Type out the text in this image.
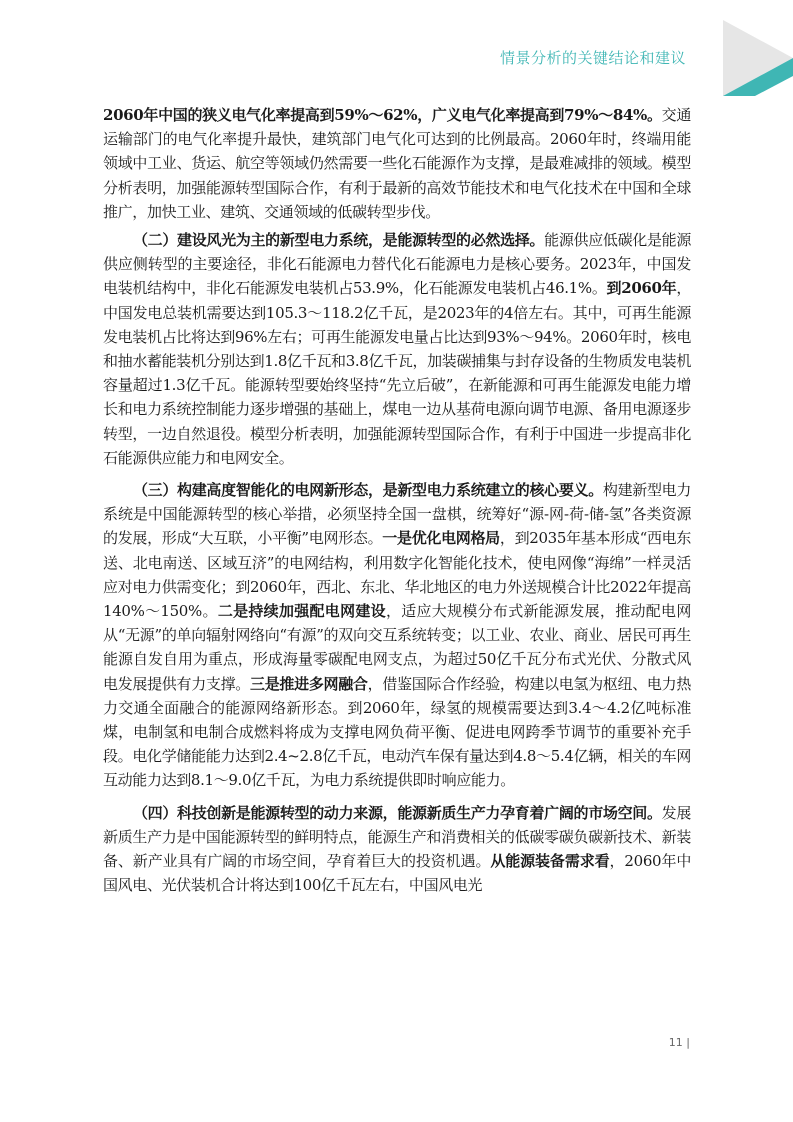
情景分析的关键结论和建议

2060年中国的狭义电气化率提高到59%～62%，广义电气化率提高到79%～84%。交通运输部门的电气化率提升最快，建筑部门电气化可达到的比例最高。2060年时，终端用能领域中工业、货运、航空等领域仍然需要一些化石能源作为支撑，是最难减排的领域。模型分析表明，加强能源转型国际合作，有利于最新的高效节能技术和电气化技术在中国和全球推广，加快工业、建筑、交通领域的低碳转型步伐。

（二）建设风光为主的新型电力系统，是能源转型的必然选择。能源供应低碳化是能源供应侧转型的主要途径，非化石能源电力替代化石能源电力是核心要务。2023年，中国发电装机结构中，非化石能源发电装机占53.9%，化石能源发电装机占46.1%。到2060年，中国发电总装机需要达到105.3～118.2亿千瓦，是2023年的4倍左右。其中，可再生能源发电装机占比将达到96%左右；可再生能源发电量占比达到93%～94%。2060年时，核电和抽水蓄能装机分别达到1.8亿千瓦和3.8亿千瓦，加装碳捕集与封存设备的生物质发电装机容量超过1.3亿千瓦。能源转型要始终坚持“先立后破”，在新能源和可再生能源发电能力增长和电力系统控制能力逐步增强的基础上，煤电一边从基荷电源向调节电源、备用电源逐步转型，一边自然退役。模型分析表明，加强能源转型国际合作，有利于中国进一步提高非化石能源供应能力和电网安全。

（三）构建高度智能化的电网新形态，是新型电力系统建立的核心要义。构建新型电力系统是中国能源转型的核心举措，必须坚持全国一盘棋，统筹好“源-网-荷-储-氢”各类资源的发展，形成“大互联，小平衡”电网形态。一是优化电网格局，到2035年基本形成“西电东送、北电南送、区域互济”的电网结构，利用数字化智能化技术，使电网像“海绵”一样灵活应对电力供需变化；到2060年，西北、东北、华北地区的电力外送规模合计比2022年提高140%～150%。二是持续加强配电网建设，适应大规模分布式新能源发展，推动配电网从“无源”的单向辐射网络向“有源”的双向交互系统转变；以工业、农业、商业、居民可再生能源自发自用为重点，形成海量零碳配电网支点，为超过50亿千瓦分布式光伏、分散式风电发展提供有力支撑。三是推进多网融合，借鉴国际合作经验，构建以电氢为枢纽、电力热力交通全面融合的能源网络新形态。到2060年，绿氢的规模需要达到3.4～4.2亿吨标准煤，电制氢和电制合成燃料将成为支撑电网负荷平衡、促进电网跨季节调节的重要补充手段。电化学储能能力达到2.4~2.8亿千瓦，电动汽车保有量达到4.8～5.4亿辆，相关的车网互动能力达到8.1～9.0亿千瓦，为电力系统提供即时响应能力。

（四）科技创新是能源转型的动力来源，能源新质生产力孕育着广阔的市场空间。发展新质生产力是中国能源转型的鲜明特点，能源生产和消费相关的低碳零碳负碳新技术、新装备、新产业具有广阔的市场空间，孕育着巨大的投资机遇。从能源装备需求看，2060年中国风电、光伏装机合计将达到100亿千瓦左右，中国风电光

11 |
